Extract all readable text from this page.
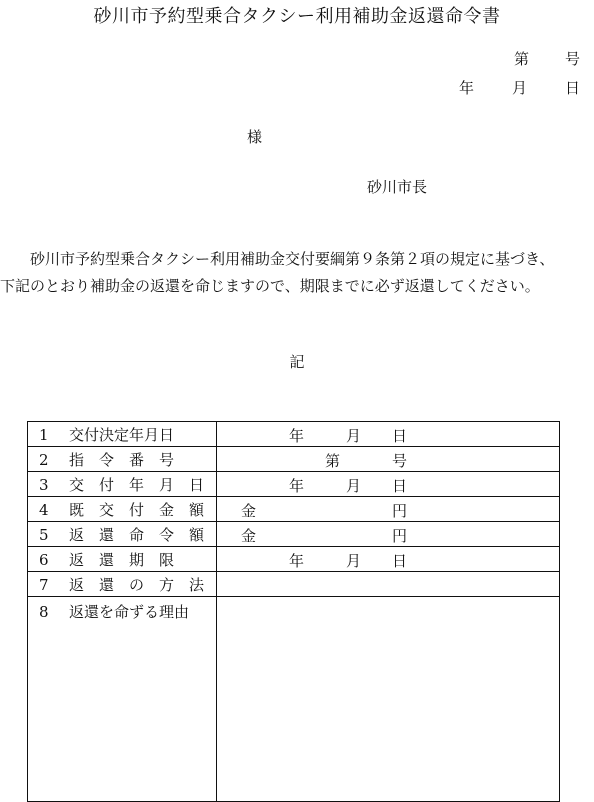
砂川市予約型乗合タクシー利用補助金返還命令書
第 号
年	月	日
様
砂川市長
砂川市予約型乗合タクシー利用補助金交付要綱第９条第２項の規定に基づき、
下記のとおり補助金の返還を命じますので、期限までに必ず返還してください。
記
1 交付決定年月日	年 月 日

2 指　令　番　号	第 号

3 交　付　年　月　日	年 月 日

4 既　交　付　金　額	金 円

5 返　還　命　令　額	金 円

6 返　還　期　限	年 月 日

7 返　還　の　方　法	
8 返還を命ずる理由	
